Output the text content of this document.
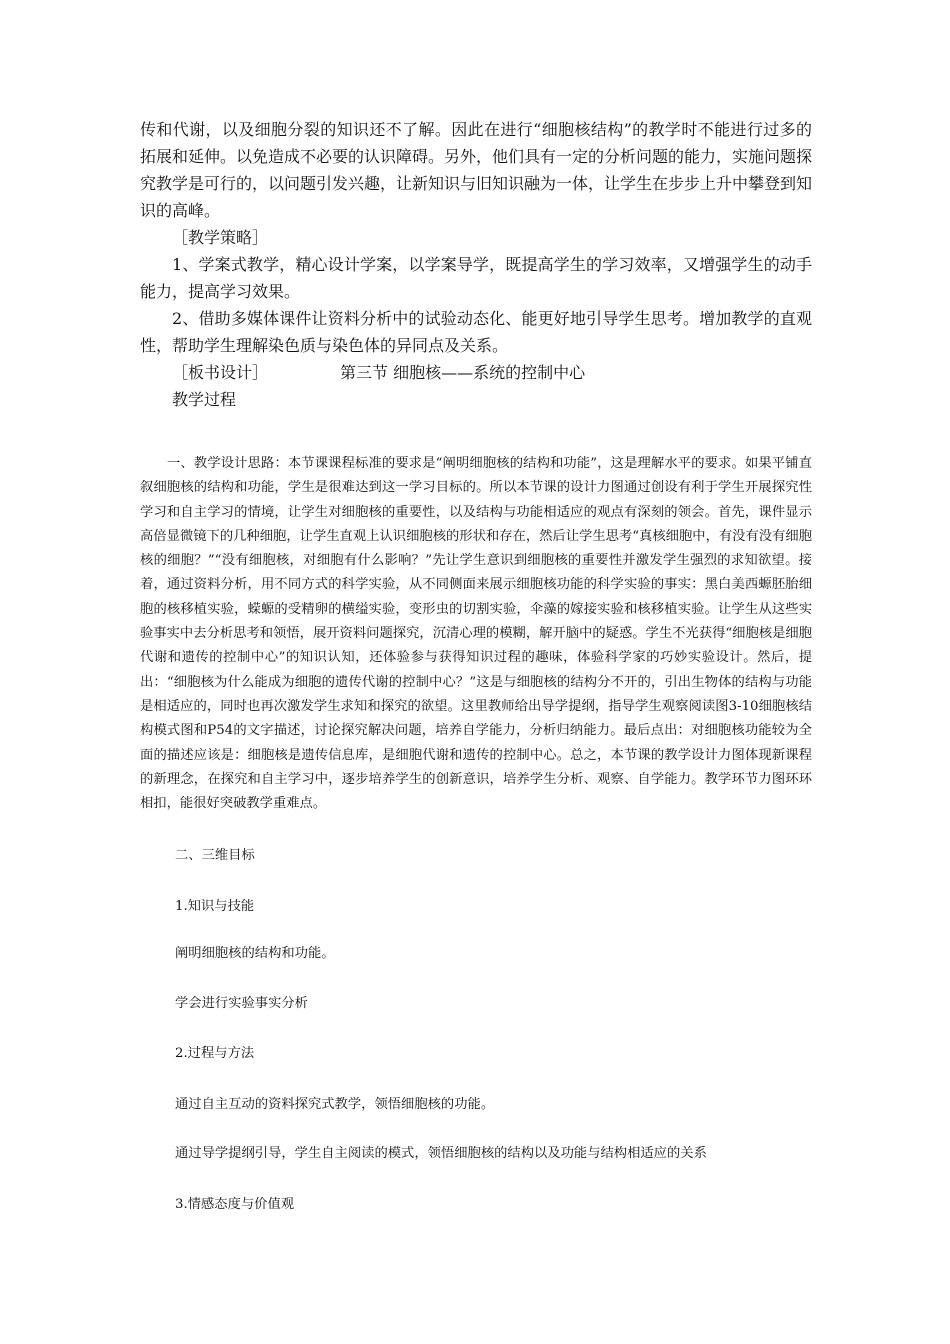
传和代谢，以及细胞分裂的知识还不了解。因此在进行“细胞核结构”的教学时不能进行过多的拓展和延伸。以免造成不必要的认识障碍。另外，他们具有一定的分析问题的能力，实施问题探究教学是可行的，以问题引发兴趣，让新知识与旧知识融为一体，让学生在步步上升中攀登到知识的高峰。

［教学策略］

1、学案式教学，精心设计学案，以学案导学，既提高学生的学习效率，又增强学生的动手能力，提高学习效果。

2、借助多媒体课件让资料分析中的试验动态化、能更好地引导学生思考。增加教学的直观性，帮助学生理解染色质与染色体的异同点及关系。

［板书设计］	第三节 细胞核——系统的控制中心

教学过程

一、教学设计思路：本节课课程标准的要求是“阐明细胞核的结构和功能”，这是理解水平的要求。如果平铺直叙细胞核的结构和功能，学生是很难达到这一学习目标的。所以本节课的设计力图通过创设有利于学生开展探究性学习和自主学习的情境，让学生对细胞核的重要性，以及结构与功能相适应的观点有深刻的领会。首先，课件显示高倍显微镜下的几种细胞，让学生直观上认识细胞核的形状和存在，然后让学生思考“真核细胞中，有没有没有细胞核的细胞？”“没有细胞核，对细胞有什么影响？”先让学生意识到细胞核的重要性并激发学生强烈的求知欲望。接着，通过资料分析，用不同方式的科学实验，从不同侧面来展示细胞核功能的科学实验的事实：黑白美西螈胚胎细胞的核移植实验，蝾螈的受精卵的横缢实验，变形虫的切割实验，伞藻的嫁接实验和核移植实验。让学生从这些实验事实中去分析思考和领悟，展开资料问题探究，沉清心理的模糊，解开脑中的疑惑。学生不光获得“细胞核是细胞代谢和遗传的控制中心”的知识认知，还体验参与获得知识过程的趣味，体验科学家的巧妙实验设计。然后，提出：“细胞核为什么能成为细胞的遗传代谢的控制中心？”这是与细胞核的结构分不开的，引出生物体的结构与功能是相适应的，同时也再次激发学生求知和探究的欲望。这里教师给出导学提纲，指导学生观察阅读图3-10细胞核结构模式图和P54的文字描述，讨论探究解决问题，培养自学能力，分析归纳能力。最后点出：对细胞核功能较为全面的描述应该是：细胞核是遗传信息库，是细胞代谢和遗传的控制中心。总之，本节课的教学设计力图体现新课程的新理念，在探究和自主学习中，逐步培养学生的创新意识，培养学生分析、观察、自学能力。教学环节力图环环相扣，能很好突破教学重难点。

二、三维目标

1.知识与技能

阐明细胞核的结构和功能。

学会进行实验事实分析

2.过程与方法

通过自主互动的资料探究式教学，领悟细胞核的功能。

通过导学提纲引导，学生自主阅读的模式，领悟细胞核的结构以及功能与结构相适应的关系

3.情感态度与价值观
